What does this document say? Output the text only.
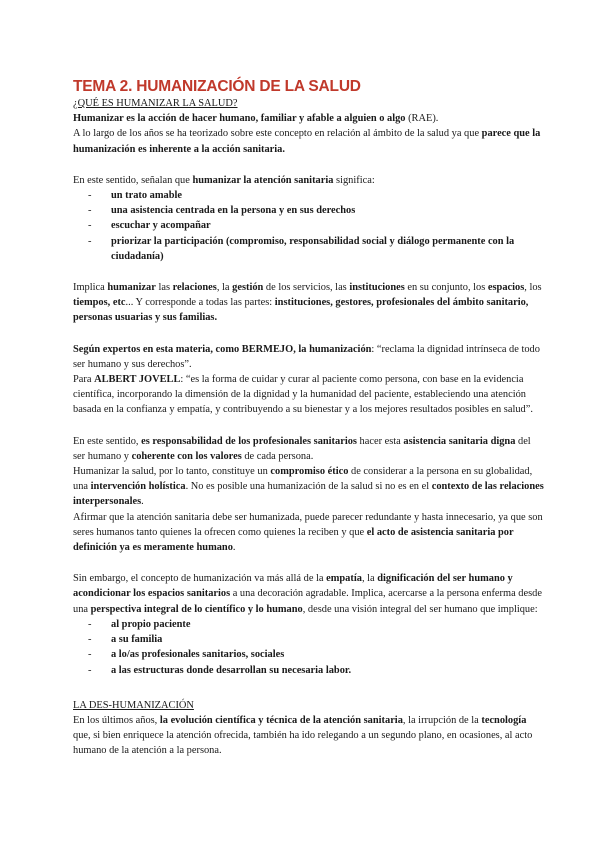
TEMA 2. HUMANIZACIÓN DE LA SALUD

¿QUÉ ES HUMANIZAR LA SALUD?

Humanizar es la acción de hacer humano, familiar y afable a alguien o algo (RAE).

A lo largo de los años se ha teorizado sobre este concepto en relación al ámbito de la salud ya que parece que la humanización es inherente a la acción sanitaria.

En este sentido, señalan que humanizar la atención sanitaria significa:

- un trato amable
- una asistencia centrada en la persona y en sus derechos
- escuchar y acompañar
- priorizar la participación (compromiso, responsabilidad social y diálogo permanente con la ciudadanía)

Implica humanizar las relaciones, la gestión de los servicios, las instituciones en su conjunto, los espacios, los tiempos, etc... Y corresponde a todas las partes: instituciones, gestores, profesionales del ámbito sanitario, personas usuarias y sus familias.

Según expertos en esta materia, como BERMEJO, la humanización: “reclama la dignidad intrínseca de todo ser humano y sus derechos”.

Para ALBERT JOVELL: “es la forma de cuidar y curar al paciente como persona, con base en la evidencia científica, incorporando la dimensión de la dignidad y la humanidad del paciente, estableciendo una atención basada en la confianza y empatía, y contribuyendo a su bienestar y a los mejores resultados posibles en salud”.

En este sentido, es responsabilidad de los profesionales sanitarios hacer esta asistencia sanitaria digna del ser humano y coherente con los valores de cada persona.

Humanizar la salud, por lo tanto, constituye un compromiso ético de considerar a la persona en su globalidad, una intervención holística. No es posible una humanización de la salud si no es en el contexto de las relaciones interpersonales.

Afirmar que la atención sanitaria debe ser humanizada, puede parecer redundante y hasta innecesario, ya que son seres humanos tanto quienes la ofrecen como quienes la reciben y que el acto de asistencia sanitaria por definición ya es meramente humano.

Sin embargo, el concepto de humanización va más allá de la empatía, la dignificación del ser humano y acondicionar los espacios sanitarios a una decoración agradable. Implica, acercarse a la persona enferma desde una perspectiva integral de lo científico y lo humano, desde una visión integral del ser humano que implique:

- al propio paciente
- a su familia
- a lo/as profesionales sanitarios, sociales
- a las estructuras donde desarrollan su necesaria labor.

LA DES-HUMANIZACIÓN

En los últimos años, la evolución científica y técnica de la atención sanitaria, la irrupción de la tecnología que, si bien enriquece la atención ofrecida, también ha ido relegando a un segundo plano, en ocasiones, al acto humano de la atención a la persona.
